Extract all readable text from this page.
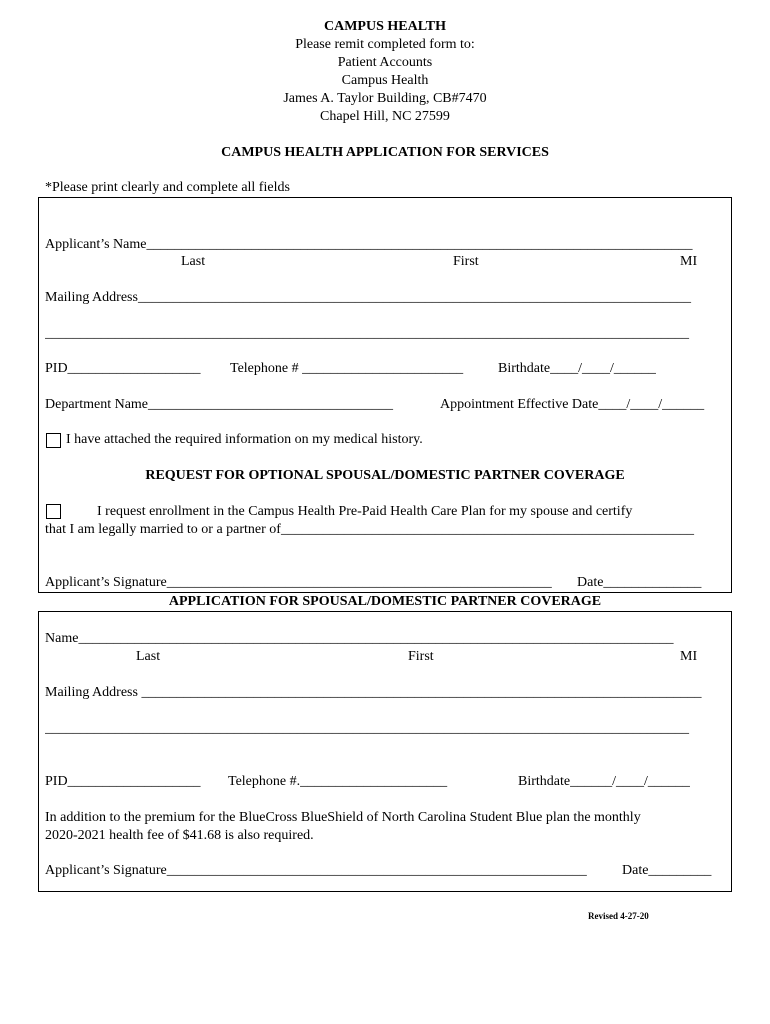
CAMPUS HEALTH
Please remit completed form to:
Patient Accounts
Campus Health
James A. Taylor Building, CB#7470
Chapel Hill, NC 27599
CAMPUS HEALTH APPLICATION FOR SERVICES
*Please print clearly and complete all fields
Applicant’s Name______________________________________________________________________________
Last	First	MI
Mailing Address_______________________________________________________________________________
____________________________________________________________________________________________
PID___________________ Telephone # _______________________ Birthdate____/____/______
Department Name___________________________________	Appointment Effective Date____/____/______
I have attached the required information on my medical history.
REQUEST FOR OPTIONAL SPOUSAL/DOMESTIC PARTNER COVERAGE
I request enrollment in the Campus Health Pre-Paid Health Care Plan for my spouse and certify
that I am legally married to or a partner of___________________________________________________________
Applicant’s Signature_______________________________________________________ Date______________
APPLICATION FOR SPOUSAL/DOMESTIC PARTNER COVERAGE
Name_____________________________________________________________________________________
Last	First	MI
Mailing Address ________________________________________________________________________________
____________________________________________________________________________________________
PID___________________ Telephone #._____________________	Birthdate______/____/______
In addition to the premium for the BlueCross BlueShield of North Carolina Student Blue plan the monthly
2020-2021 health fee of $41.68 is also required.
Applicant’s Signature____________________________________________________________	Date_________
Revised 4-27-20
